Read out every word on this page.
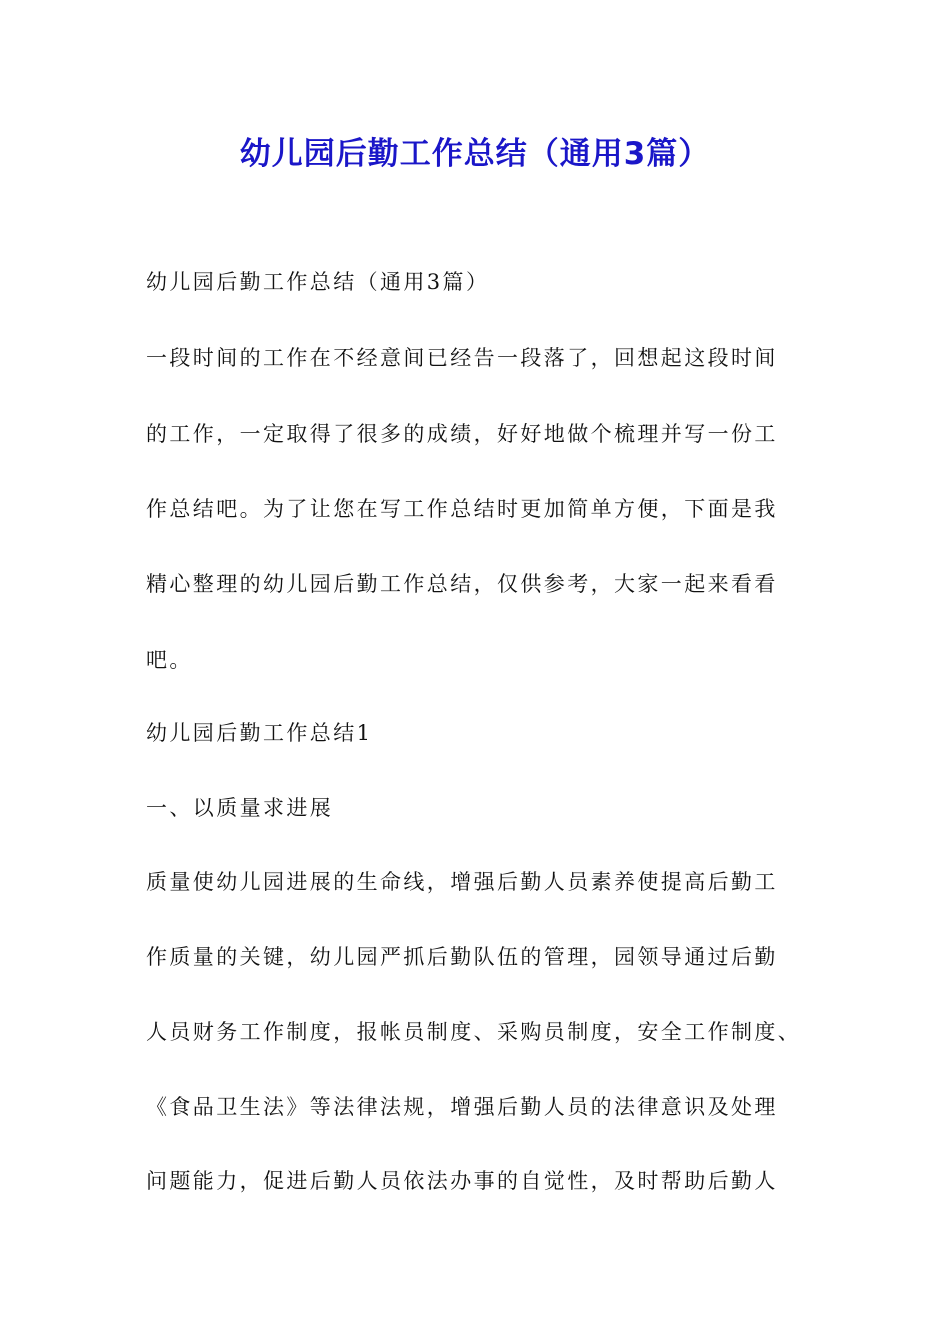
幼儿园后勤工作总结（通用3篇）

幼儿园后勤工作总结（通用3篇）

一段时间的工作在不经意间已经告一段落了，回想起这段时间

的工作，一定取得了很多的成绩，好好地做个梳理并写一份工

作总结吧。为了让您在写工作总结时更加简单方便，下面是我

精心整理的幼儿园后勤工作总结，仅供参考，大家一起来看看

吧。

幼儿园后勤工作总结1

一、以质量求进展

质量使幼儿园进展的生命线，增强后勤人员素养使提高后勤工

作质量的关键，幼儿园严抓后勤队伍的管理，园领导通过后勤

人员财务工作制度，报帐员制度、采购员制度，安全工作制度、

《食品卫生法》等法律法规，增强后勤人员的法律意识及处理

问题能力，促进后勤人员依法办事的自觉性，及时帮助后勤人
